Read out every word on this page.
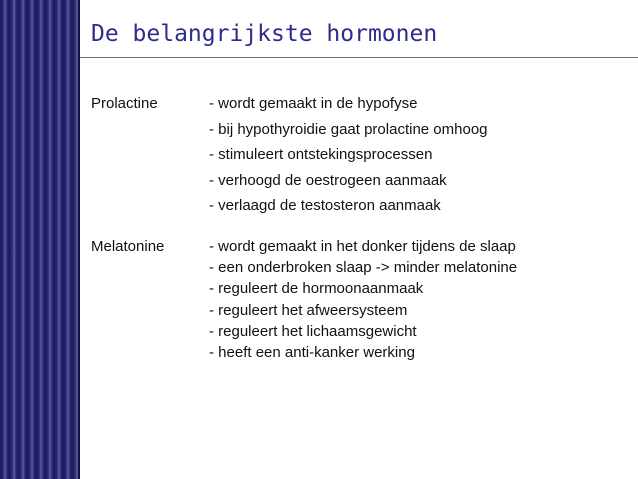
De belangrijkste hormonen
Prolactine	- wordt gemaakt in de hypofyse
- bij hypothyroidie gaat prolactine omhoog
- stimuleert ontstekingsprocessen
- verhoogd de oestrogeen aanmaak
- verlaagd de testosteron aanmaak
Melatonine	- wordt gemaakt in het donker tijdens de slaap
- een onderbroken slaap -> minder melatonine
- reguleert de hormoonaanmaak
- reguleert het afweersysteem
- reguleert het lichaamsgewicht
- heeft een anti-kanker werking
